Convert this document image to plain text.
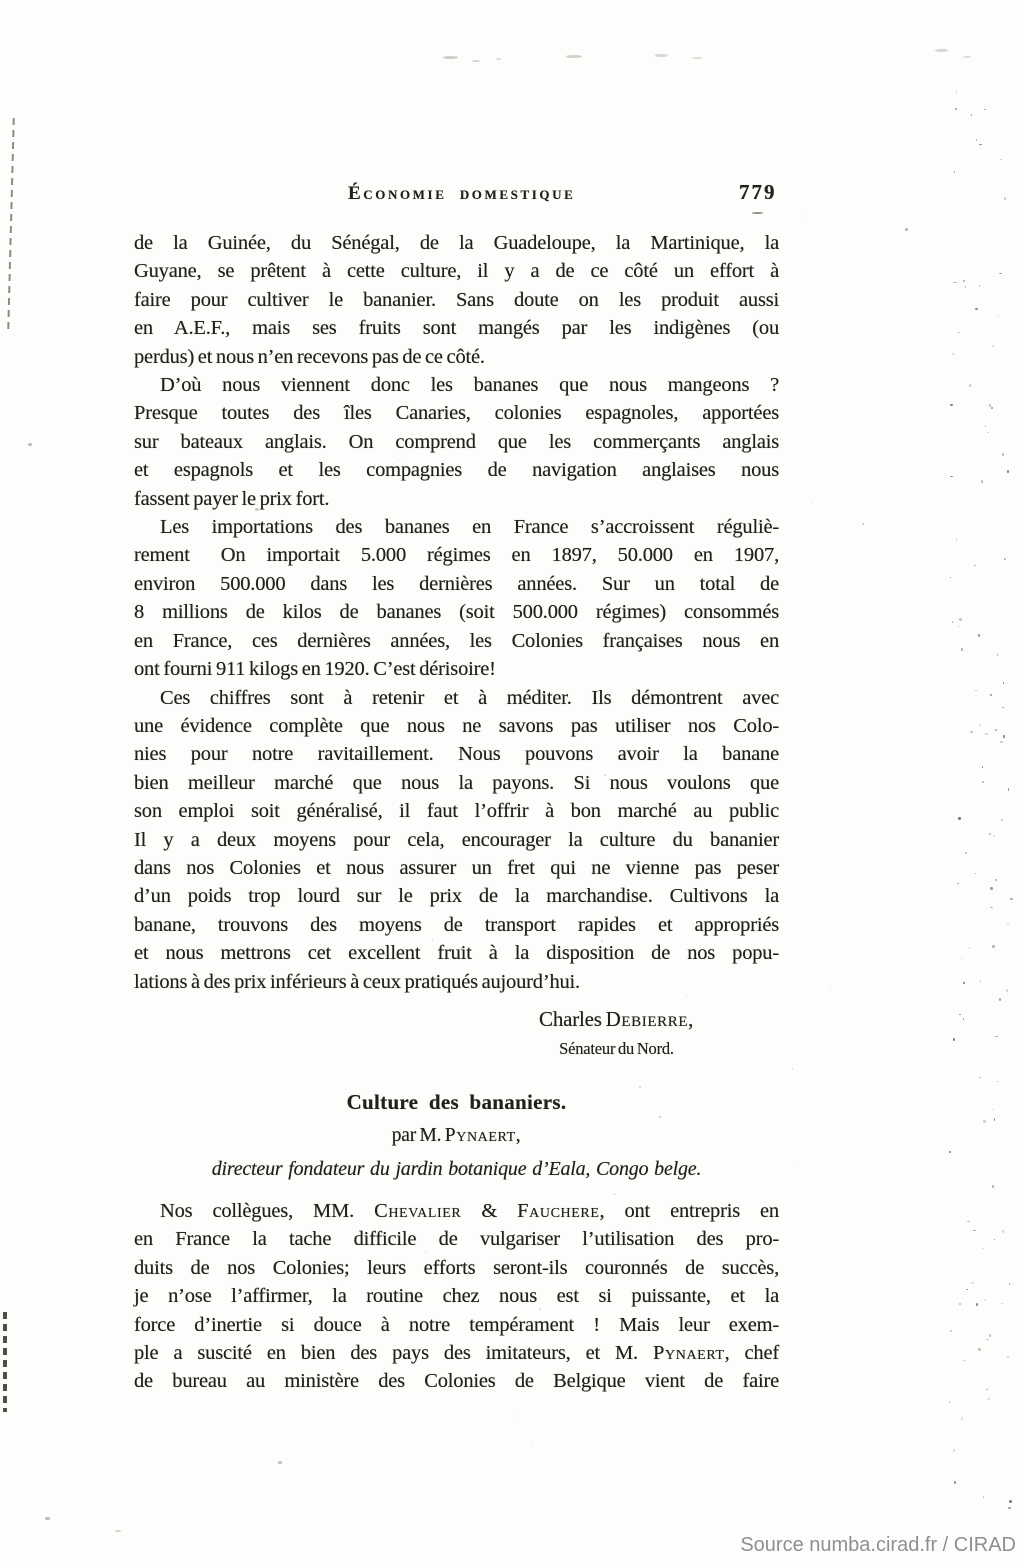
Économie domestique	779
de la Guinée, du Sénégal, de la Guadeloupe, la Martinique, la
Guyane, se prêtent à cette culture, il y a de ce côté un effort à
faire pour cultiver le bananier. Sans doute on les produit aussi
en A.E.F., mais ses fruits sont mangés par les indigènes (ou
perdus) et nous n’en recevons pas de ce côté.
D’où nous viennent donc les bananes que nous mangeons ?
Presque toutes des îles Canaries, colonies espagnoles, apportées
sur bateaux anglais. On comprend que les commerçants anglais
et espagnols et les compagnies de navigation anglaises nous
fassent payer le prix fort.
Les importations des bananes en France s’accroissent réguliè-
rement  On importait 5.000 régimes en 1897, 50.000 en 1907,
environ 500.000 dans les dernières années. Sur un total de
8 millions de kilos de bananes (soit 500.000 régimes) consommés
en France, ces dernières années, les Colonies françaises nous en
ont fourni 911 kilogs en 1920. C’est dérisoire!
Ces chiffres sont à retenir et à méditer. Ils démontrent avec
une évidence complète que nous ne savons pas utiliser nos Colo-
nies pour notre ravitaillement. Nous pouvons avoir la banane
bien meilleur marché que nous la payons. Si nous voulons que
son emploi soit généralisé, il faut l’offrir à bon marché au public
Il y a deux moyens pour cela, encourager la culture du bananier
dans nos Colonies et nous assurer un fret qui ne vienne pas peser
d’un poids trop lourd sur le prix de la marchandise. Cultivons la
banane, trouvons des moyens de transport rapides et appropriés
et nous mettrons cet excellent fruit à la disposition de nos popu-
lations à des prix inférieurs à ceux pratiqués aujourd’hui.
Charles Debierre,
Sénateur du Nord.
Culture des bananiers.
par M. Pynaert,
directeur fondateur du jardin botanique d’Eala, Congo belge.
Nos collègues, MM. Chevalier & Fauchere, ont entrepris en
en France la tache difficile de vulgariser l’utilisation des pro-
duits de nos Colonies; leurs efforts seront-ils couronnés de succès,
je n’ose l’affirmer, la routine chez nous est si puissante, et la
force d’inertie si douce à notre tempérament ! Mais leur exem-
ple a suscité en bien des pays des imitateurs, et M. Pynaert, chef
de bureau au ministère des Colonies de Belgique vient de faire
Source numba.cirad.fr / CIRAD
